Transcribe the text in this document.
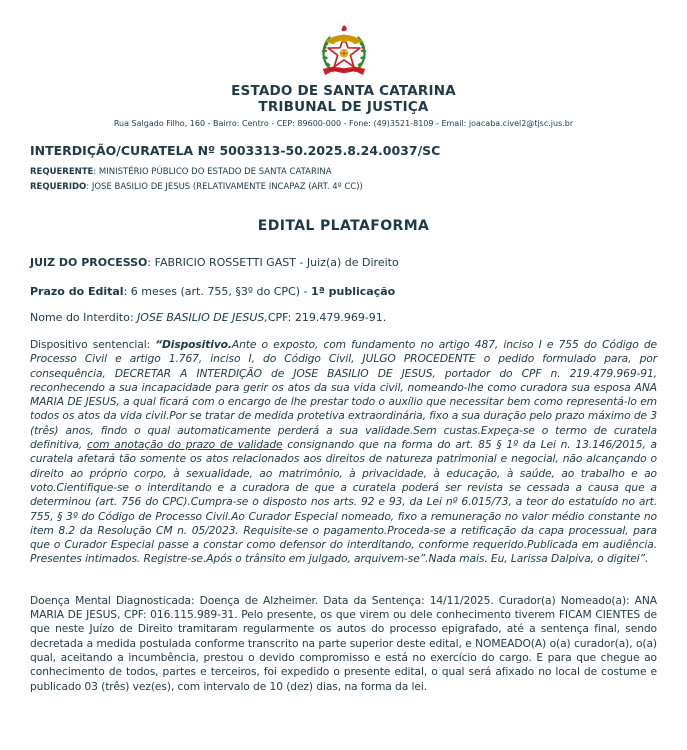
ESTADO DE SANTA CATARINA
TRIBUNAL DE JUSTIÇA
Rua Salgado Filho, 160 - Bairro: Centro - CEP: 89600-000 - Fone: (49)3521-8109 - Email: joacaba.civel2@tjsc.jus.br
INTERDIÇÃO/CURATELA Nº 5003313-50.2025.8.24.0037/SC
REQUERENTE: MINISTÉRIO PÚBLICO DO ESTADO DE SANTA CATARINA
REQUERIDO: JOSE BASILIO DE JESUS (RELATIVAMENTE INCAPAZ (ART. 4º CC))
EDITAL PLATAFORMA

JUIZ DO PROCESSO: FABRICIO ROSSETTI GAST - Juiz(a) de Direito

Prazo do Edital: 6 meses (art. 755, §3º do CPC) - 1ª publicação

Nome do Interdito: JOSE BASILIO DE JESUS,CPF: 219.479.969-91.

Dispositivo sentencial: “Dispositivo.Ante o exposto, com fundamento no artigo 487, inciso I e 755 do Código de Processo Civil e artigo 1.767, inciso I, do Código Civil, JULGO PROCEDENTE o pedido formulado para, por consequência, DECRETAR A INTERDIÇÃO de JOSE BASILIO DE JESUS, portador do CPF n. 219.479.969-91, reconhecendo a sua incapacidade para gerir os atos da sua vida civil, nomeando-lhe como curadora sua esposa ANA MARIA DE JESUS, a qual ficará com o encargo de lhe prestar todo o auxílio que necessitar bem como representá-lo em todos os atos da vida civil.Por se tratar de medida protetiva extraordinária, fixo a sua duração pelo prazo máximo de 3 (três) anos, findo o qual automaticamente perderá a sua validade.Sem custas.Expeça-se o termo de curatela definitiva, com anotação do prazo de validade consignando que na forma do art. 85 § 1º da Lei n. 13.146/2015, a curatela afetará tão somente os atos relacionados aos direitos de natureza patrimonial e negocial, não alcançando o direito ao próprio corpo, à sexualidade, ao matrimônio, à privacidade, à educação, à saúde, ao trabalho e ao voto.Cientifique-se o interditando e a curadora de que a curatela poderá ser revista se cessada a causa que a determinou (art. 756 do CPC).Cumpra-se o disposto nos arts. 92 e 93, da Lei nº 6.015/73, a teor do estatuído no art. 755, § 3º do Código de Processo Civil.Ao Curador Especial nomeado, fixo a remuneração no valor médio constante no item 8.2 da Resolução CM n. 05/2023. Requisite-se o pagamento.Proceda-se a retificação da capa processual, para que o Curador Especial passe a constar como defensor do interditando, conforme requerido.Publicada em audiência. Presentes intimados. Registre-se.Após o trânsito em julgado, arquivem-se”.Nada mais. Eu, Larissa Dalpiva, o digitei”.

Doença Mental Diagnosticada: Doença de Alzheimer. Data da Sentença: 14/11/2025. Curador(a) Nomeado(a): ANA MARIA DE JESUS, CPF: 016.115.989-31. Pelo presente, os que virem ou dele conhecimento tiverem FICAM CIENTES de que neste Juízo de Direito tramitaram regularmente os autos do processo epigrafado, até a sentença final, sendo decretada a medida postulada conforme transcrito na parte superior deste edital, e NOMEADO(A) o(a) curador(a), o(a) qual, aceitando a incumbência, prestou o devido compromisso e está no exercício do cargo. E para que chegue ao conhecimento de todos, partes e terceiros, foi expedido o presente edital, o qual será afixado no local de costume e publicado 03 (três) vez(es), com intervalo de 10 (dez) dias, na forma da lei.
